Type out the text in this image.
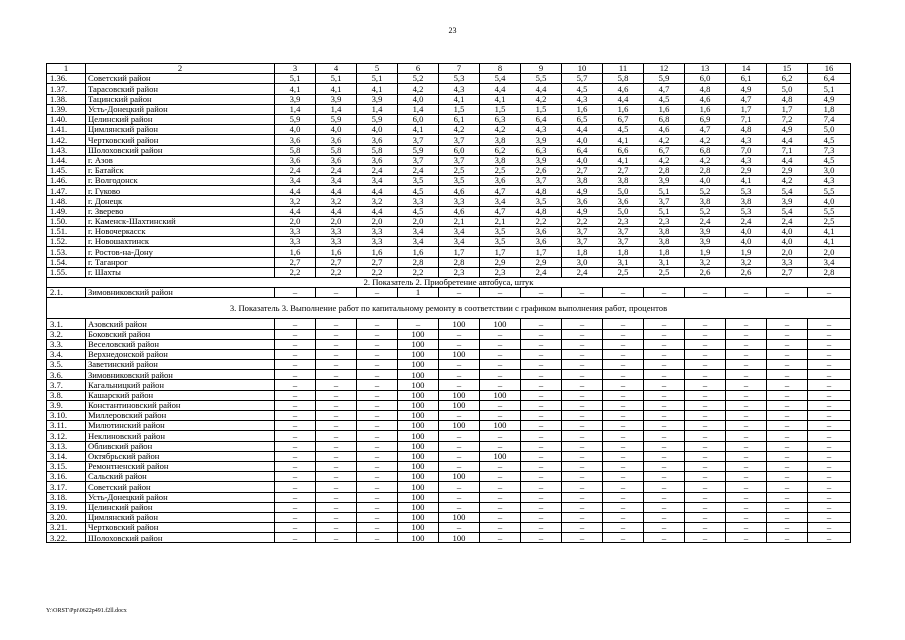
23
1	2	3	4	5	6	7	8	9	10	11	12	13	14	15	16
1.36.	Советский район	5,1	5,1	5,1	5,2	5,3	5,4	5,5	5,7	5,8	5,9	6,0	6,1	6,2	6,4
1.37.	Тарасовский район	4,1	4,1	4,1	4,2	4,3	4,4	4,4	4,5	4,6	4,7	4,8	4,9	5,0	5,1
1.38.	Тацинский район	3,9	3,9	3,9	4,0	4,1	4,1	4,2	4,3	4,4	4,5	4,6	4,7	4,8	4,9
1.39.	Усть-Донецкий район	1,4	1,4	1,4	1,4	1,5	1,5	1,5	1,6	1,6	1,6	1,6	1,7	1,7	1,8
1.40.	Целинский район	5,9	5,9	5,9	6,0	6,1	6,3	6,4	6,5	6,7	6,8	6,9	7,1	7,2	7,4
1.41.	Цимлянский район	4,0	4,0	4,0	4,1	4,2	4,2	4,3	4,4	4,5	4,6	4,7	4,8	4,9	5,0
1.42.	Чертковский район	3,6	3,6	3,6	3,7	3,7	3,8	3,9	4,0	4,1	4,2	4,2	4,3	4,4	4,5
1.43.	Шолоховский район	5,8	5,8	5,8	5,9	6,0	6,2	6,3	6,4	6,6	6,7	6,8	7,0	7,1	7,3
1.44.	г. Азов	3,6	3,6	3,6	3,7	3,7	3,8	3,9	4,0	4,1	4,2	4,2	4,3	4,4	4,5
1.45.	г. Батайск	2,4	2,4	2,4	2,4	2,5	2,5	2,6	2,7	2,7	2,8	2,8	2,9	2,9	3,0
1.46.	г. Волгодонск	3,4	3,4	3,4	3,5	3,5	3,6	3,7	3,8	3,8	3,9	4,0	4,1	4,2	4,3
1.47.	г. Гуково	4,4	4,4	4,4	4,5	4,6	4,7	4,8	4,9	5,0	5,1	5,2	5,3	5,4	5,5
1.48.	г. Донецк	3,2	3,2	3,2	3,3	3,3	3,4	3,5	3,6	3,6	3,7	3,8	3,8	3,9	4,0
1.49.	г. Зверево	4,4	4,4	4,4	4,5	4,6	4,7	4,8	4,9	5,0	5,1	5,2	5,3	5,4	5,5
1.50.	г. Каменск-Шахтинский	2,0	2,0	2,0	2,0	2,1	2,1	2,2	2,2	2,3	2,3	2,4	2,4	2,4	2,5
1.51.	г. Новочеркасск	3,3	3,3	3,3	3,4	3,4	3,5	3,6	3,7	3,7	3,8	3,9	4,0	4,0	4,1
1.52.	г. Новошахтинск	3,3	3,3	3,3	3,4	3,4	3,5	3,6	3,7	3,7	3,8	3,9	4,0	4,0	4,1
1.53.	г. Ростов-на-Дону	1,6	1,6	1,6	1,6	1,7	1,7	1,7	1,8	1,8	1,8	1,9	1,9	2,0	2,0
1.54.	г. Таганрог	2,7	2,7	2,7	2,8	2,8	2,9	2,9	3,0	3,1	3,1	3,2	3,2	3,3	3,4
1.55.	г. Шахты	2,2	2,2	2,2	2,2	2,3	2,3	2,4	2,4	2,5	2,5	2,6	2,6	2,7	2,8
2. Показатель 2. Приобретение автобуса, штук															
2.1.	Зимовниковский район	–	–	–	1	–	–	–	–	–	–	–	–	–	–
3. Показатель 3. Выполнение работ по капитальному ремонту в соответствии с графиком выполнения работ, процентов															
3.1.	Азовский район	–	–	–	–	100	100	–	–	–	–	–	–	–	–
3.2.	Боковский район	–	–	–	100	–	–	–	–	–	–	–	–	–	–
3.3.	Веселовский район	–	–	–	100	–	–	–	–	–	–	–	–	–	–
3.4.	Верхнедонской район	–	–	–	100	100	–	–	–	–	–	–	–	–	–
3.5.	Заветинский район	–	–	–	100	–	–	–	–	–	–	–	–	–	–
3.6.	Зимовниковский район	–	–	–	100	–	–	–	–	–	–	–	–	–	–
3.7.	Кагальницкий район	–	–	–	100	–	–	–	–	–	–	–	–	–	–
3.8.	Кашарский район	–	–	–	100	100	100	–	–	–	–	–	–	–	–
3.9.	Константиновский район	–	–	–	100	100	–	–	–	–	–	–	–	–	–
3.10.	Миллеровский район	–	–	–	100	–	–	–	–	–	–	–	–	–	–
3.11.	Милютинский район	–	–	–	100	100	100	–	–	–	–	–	–	–	–
3.12.	Неклиновский район	–	–	–	100	–	–	–	–	–	–	–	–	–	–
3.13.	Обливский район	–	–	–	100	–	–	–	–	–	–	–	–	–	–
3.14.	Октябрьский район	–	–	–	100	–	100	–	–	–	–	–	–	–	–
3.15.	Ремонтненский район	–	–	–	100	–	–	–	–	–	–	–	–	–	–
3.16.	Сальский район	–	–	–	100	100	–	–	–	–	–	–	–	–	–
3.17.	Советский район	–	–	–	100	–	–	–	–	–	–	–	–	–	–
3.18.	Усть-Донецкий район	–	–	–	100	–	–	–	–	–	–	–	–	–	–
3.19.	Целинский район	–	–	–	100	–	–	–	–	–	–	–	–	–	–
3.20.	Цимлянский район	–	–	–	100	100	–	–	–	–	–	–	–	–	–
3.21.	Чертковский район	–	–	–	100	–	–	–	–	–	–	–	–	–	–
3.22.	Шолоховский район	–	–	–	100	100	–	–	–	–	–	–	–	–	–
Y:\ORST\Ppi\0622p491.f2ll.docx
